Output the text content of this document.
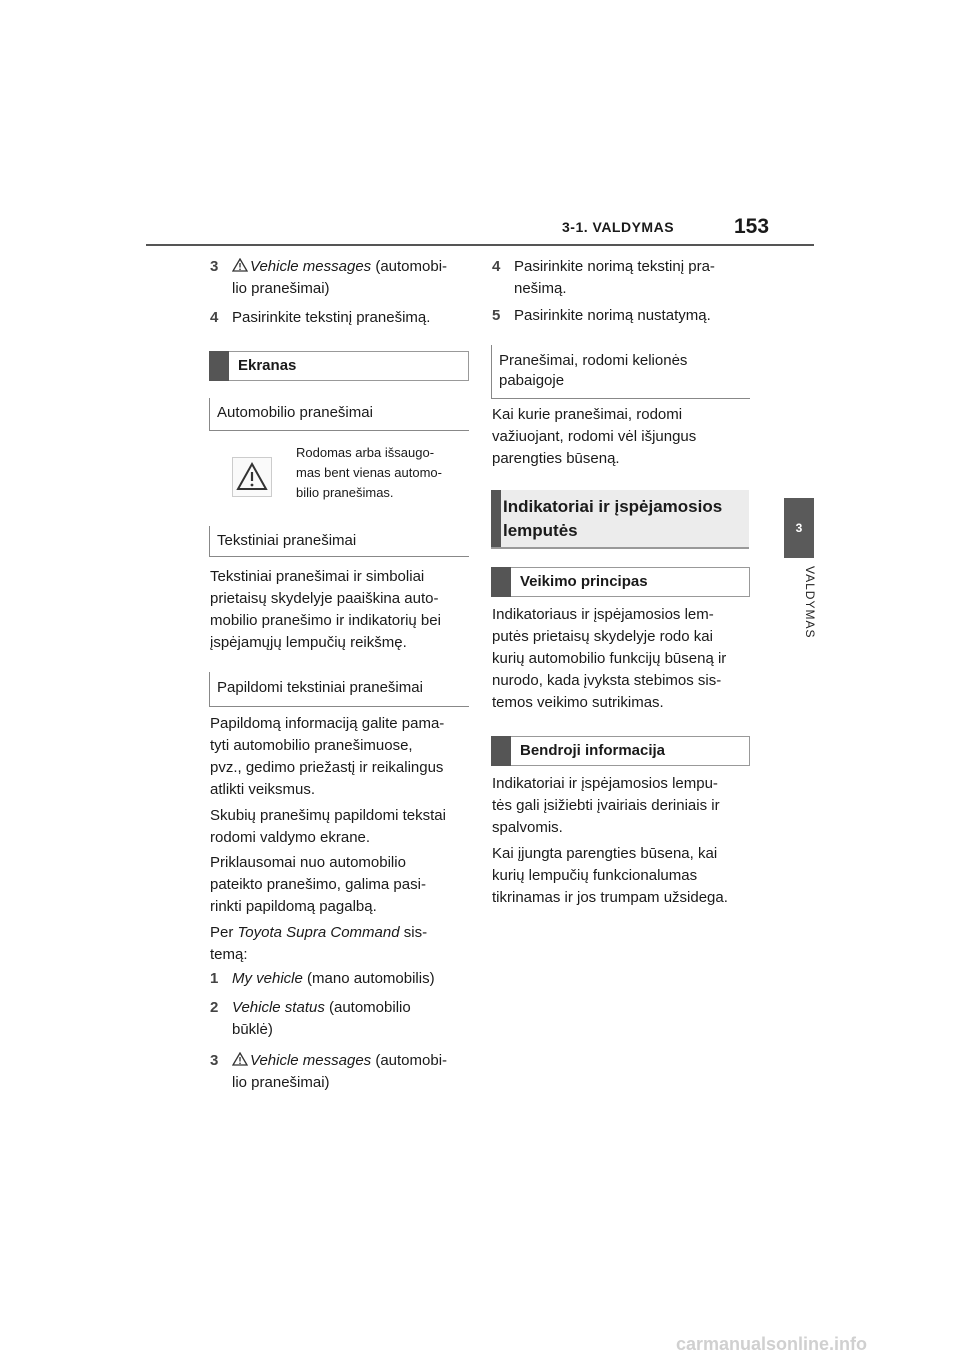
3-1. VALDYMAS	153
3
VALDYMAS
3 Vehicle messages (automobi-
lio pranešimai)
4 Pasirinkite tekstinį pranešimą.
Ekranas
Automobilio pranešimai
Rodomas arba išsaugo-
mas bent vienas automo-
bilio pranešimas.
Tekstiniai pranešimai
Tekstiniai pranešimai ir simboliai
prietaisų skydelyje paaiškina auto-
mobilio pranešimo ir indikatorių bei
įspėjamųjų lempučių reikšmę.
Papildomi tekstiniai pranešimai
Papildomą informaciją galite pama-
tyti automobilio pranešimuose,
pvz., gedimo priežastį ir reikalingus
atlikti veiksmus.
Skubių pranešimų papildomi tekstai
rodomi valdymo ekrane.
Priklausomai nuo automobilio
pateikto pranešimo, galima pasi-
rinkti papildomą pagalbą.
Per Toyota Supra Command sis-
temą:
1 My vehicle (mano automobilis)
2 Vehicle status (automobilio
būklė)
3 Vehicle messages (automobi-
lio pranešimai)
4 Pasirinkite norimą tekstinį pra-
nešimą.
5 Pasirinkite norimą nustatymą.
Pranešimai, rodomi kelionės
pabaigoje
Kai kurie pranešimai, rodomi
važiuojant, rodomi vėl išjungus
parengties būseną.
Indikatoriai ir įspėjamosios
lemputės
Veikimo principas
Indikatoriaus ir įspėjamosios lem-
putės prietaisų skydelyje rodo kai
kurių automobilio funkcijų būseną ir
nurodo, kada įvyksta stebimos sis-
temos veikimo sutrikimas.
Bendroji informacija
Indikatoriai ir įspėjamosios lempu-
tės gali įsižiebti įvairiais deriniais ir
spalvomis.
Kai įjungta parengties būsena, kai
kurių lempučių funkcionalumas
tikrinamas ir jos trumpam užsidega.
carmanualsonline.info
